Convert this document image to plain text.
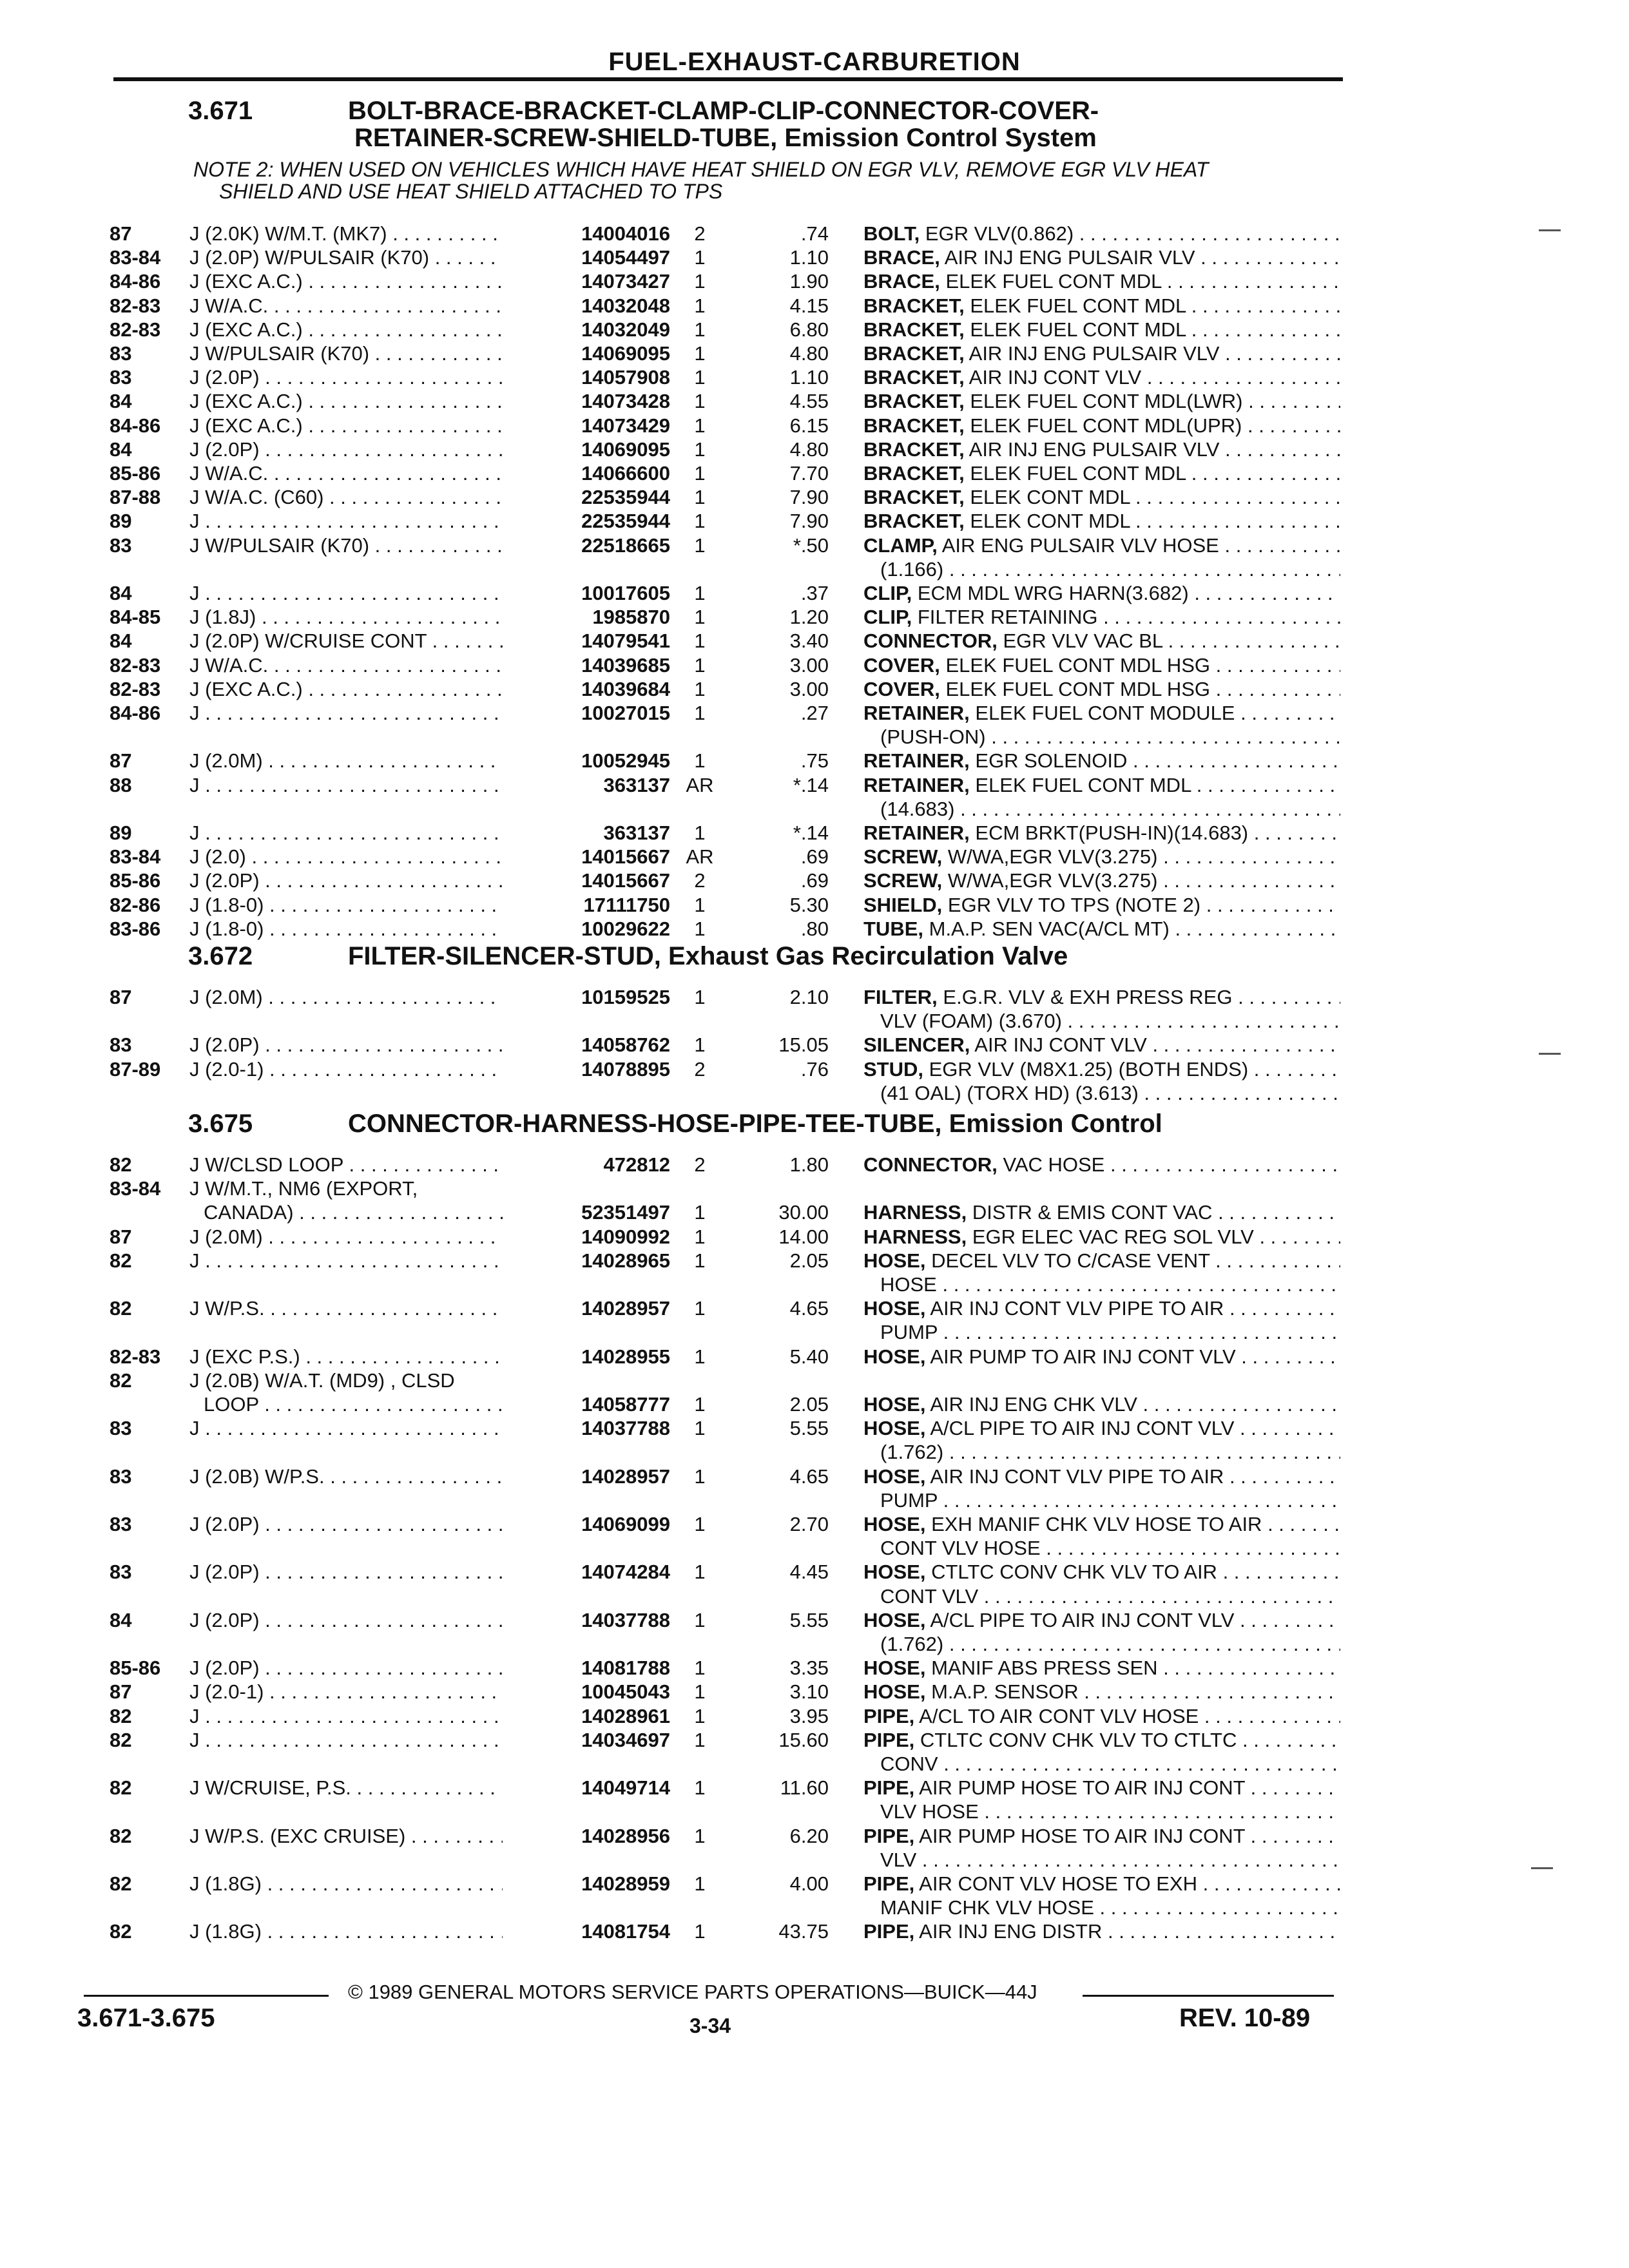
FUEL-EXHAUST-CARBURETION
3.671	BOLT-BRACE-BRACKET-CLAMP-CLIP-CONNECTOR-COVER-
RETAINER-SCREW-SHIELD-TUBE, Emission Control System
NOTE 2: WHEN USED ON VEHICLES WHICH HAVE HEAT SHIELD ON EGR VLV, REMOVE EGR VLV HEAT
SHIELD AND USE HEAT SHIELD ATTACHED TO TPS
87	J (2.0K) W/M.T. (MK7) . . .	14004016	2	.74 BOLT, EGR VLV(0.862) . . .
83-84 J (2.0P) W/PULSAIR (K70) . . .	14054497	1	1.10 BRACE, AIR INJ ENG PULSAIR VLV . . .
84-86 J (EXC A.C.) . . .	14073427	1	1.90 BRACE, ELEK FUEL CONT MDL . . .
82-83 J W/A.C. . . .	14032048	1	4.15 BRACKET, ELEK FUEL CONT MDL . . .
82-83 J (EXC A.C.) . . .	14032049	1	6.80 BRACKET, ELEK FUEL CONT MDL . . .
83	J W/PULSAIR (K70) . . .	14069095	1	4.80 BRACKET, AIR INJ ENG PULSAIR VLV . . .
83	J (2.0P) . . .	14057908	1	1.10 BRACKET, AIR INJ CONT VLV . . .
84	J (EXC A.C.) . . .	14073428	1	4.55 BRACKET, ELEK FUEL CONT MDL(LWR) . . .
84-86 J (EXC A.C.) . . .	14073429	1	6.15 BRACKET, ELEK FUEL CONT MDL(UPR) . . .
84	J (2.0P) . . .	14069095	1	4.80 BRACKET, AIR INJ ENG PULSAIR VLV . . .
85-86 J W/A.C. . . .	14066600	1	7.70 BRACKET, ELEK FUEL CONT MDL . . .
87-88 J W/A.C. (C60) . . .	22535944	1	7.90 BRACKET, ELEK CONT MDL . . .
89	J . . .	22535944	1	7.90 BRACKET, ELEK CONT MDL . . .
83	J W/PULSAIR (K70) . . .	22518665	1	*.50 CLAMP, AIR ENG PULSAIR VLV HOSE . . .
(1.166) . . .
84	J . . .	10017605	1	.37 CLIP, ECM MDL WRG HARN(3.682) . . .
84-85 J (1.8J) . . .	1985870	1	1.20 CLIP, FILTER RETAINING . . .
84	J (2.0P) W/CRUISE CONT . . .	14079541	1	3.40 CONNECTOR, EGR VLV VAC BL . . .
82-83 J W/A.C. . . .	14039685	1	3.00 COVER, ELEK FUEL CONT MDL HSG . . .
82-83 J (EXC A.C.) . . .	14039684	1	3.00 COVER, ELEK FUEL CONT MDL HSG . . .
84-86 J . . .	10027015	1	.27 RETAINER, ELEK FUEL CONT MODULE . . .
(PUSH-ON) . . .
87	J (2.0M) . . .	10052945	1	.75 RETAINER, EGR SOLENOID . . .
88	J . . .	363137 AR	*.14 RETAINER, ELEK FUEL CONT MDL . . .
(14.683) . . .
89	J . . .	363137	1	*.14 RETAINER, ECM BRKT(PUSH-IN)(14.683) . . .
83-84 J (2.0) . . .	14015667 AR	.69 SCREW, W/WA,EGR VLV(3.275) . . .
85-86 J (2.0P) . . .	14015667	2	.69 SCREW, W/WA,EGR VLV(3.275) . . .
82-86 J (1.8-0) . . .	17111750	1	5.30 SHIELD, EGR VLV TO TPS (NOTE 2) . . .
83-86 J (1.8-0) . . .	10029622	1	.80 TUBE, M.A.P. SEN VAC(A/CL MT) . . .
3.672	FILTER-SILENCER-STUD, Exhaust Gas Recirculation Valve
87	J (2.0M) . . .	10159525	1	2.10 FILTER, E.G.R. VLV & EXH PRESS REG . . .
VLV (FOAM) (3.670) . . .
83	J (2.0P) . . .	14058762	1	15.05 SILENCER, AIR INJ CONT VLV . . .
87-89 J (2.0-1) . . .	14078895	2	.76 STUD, EGR VLV (M8X1.25) (BOTH ENDS) . . .
(41 OAL) (TORX HD) (3.613) . . .
3.675	CONNECTOR-HARNESS-HOSE-PIPE-TEE-TUBE, Emission Control
82	J W/CLSD LOOP . . .	472812	2	1.80 CONNECTOR, VAC HOSE . . .
83-84 J W/M.T., NM6 (EXPORT,
CANADA) . . .	52351497	1	30.00 HARNESS, DISTR & EMIS CONT VAC . . .
87	J (2.0M) . . .	14090992	1	14.00 HARNESS, EGR ELEC VAC REG SOL VLV . . .
82	J . . .	14028965	1	2.05 HOSE, DECEL VLV TO C/CASE VENT . . .
HOSE . . .
82	J W/P.S. . . .	14028957	1	4.65 HOSE, AIR INJ CONT VLV PIPE TO AIR . . .
PUMP . . .
82-83 J (EXC P.S.) . . .	14028955	1	5.40 HOSE, AIR PUMP TO AIR INJ CONT VLV . . .
82	J (2.0B) W/A.T. (MD9) , CLSD
LOOP . . .	14058777	1	2.05 HOSE, AIR INJ ENG CHK VLV . . .
83	J . . .	14037788	1	5.55 HOSE, A/CL PIPE TO AIR INJ CONT VLV . . .
(1.762) . . .
83	J (2.0B) W/P.S. . . .	14028957	1	4.65 HOSE, AIR INJ CONT VLV PIPE TO AIR . . .
PUMP . . .
83	J (2.0P) . . .	14069099	1	2.70 HOSE, EXH MANIF CHK VLV HOSE TO AIR . . .
CONT VLV HOSE . . .
83	J (2.0P) . . .	14074284	1	4.45 HOSE, CTLTC CONV CHK VLV TO AIR . . .
CONT VLV . . .
84	J (2.0P) . . .	14037788	1	5.55 HOSE, A/CL PIPE TO AIR INJ CONT VLV . . .
(1.762) . . .
85-86 J (2.0P) . . .	14081788	1	3.35 HOSE, MANIF ABS PRESS SEN . . .
87	J (2.0-1) . . .	10045043	1	3.10 HOSE, M.A.P. SENSOR . . .
82	J . . .	14028961	1	3.95 PIPE, A/CL TO AIR CONT VLV HOSE . . .
82	J . . .	14034697	1	15.60 PIPE, CTLTC CONV CHK VLV TO CTLTC . . .
CONV . . .
82	J W/CRUISE, P.S. . . .	14049714	1	11.60 PIPE, AIR PUMP HOSE TO AIR INJ CONT . . .
VLV HOSE . . .
82	J W/P.S. (EXC CRUISE) . . .	14028956	1	6.20 PIPE, AIR PUMP HOSE TO AIR INJ CONT . . .
VLV . . .
82	J (1.8G) . . .	14028959	1	4.00 PIPE, AIR CONT VLV HOSE TO EXH . . .
MANIF CHK VLV HOSE . . .
82	J (1.8G) . . .	14081754	1	43.75 PIPE, AIR INJ ENG DISTR . . .
© 1989 GENERAL MOTORS SERVICE PARTS OPERATIONS—BUICK—44J
3.671-3.675	3-34	REV. 10-89
